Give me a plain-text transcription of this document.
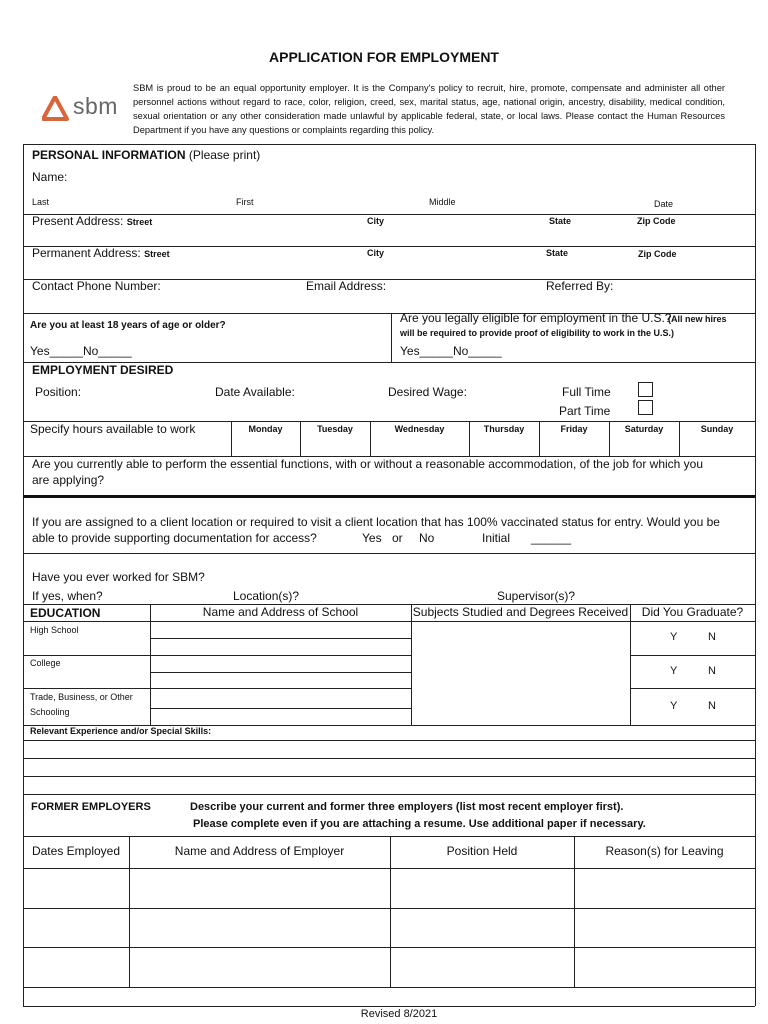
APPLICATION FOR EMPLOYMENT
sbm
SBM is proud to be an equal opportunity employer. It is the Company's policy to recruit, hire, promote, compensate and administer all other personnel actions without regard to race, color, religion, creed, sex, marital status, age, national origin, ancestry, disability, medical condition, sexual orientation or any other consideration made unlawful by applicable federal, state, or local laws. Please contact the Human Resources Department if you have any questions or complaints regarding this policy.
PERSONAL INFORMATION (Please print)
Name:
Last	First	Middle	Date
Present Address: Street	City	State	Zip Code
Permanent Address: Street	City	State	Zip Code
Contact Phone Number:	Email Address:	Referred By:
Are you at least 18 years of age or older?
Yes_____No_____
Are you legally eligible for employment in the U.S.?
(All new hires
will be required to provide proof of eligibility to work in the U.S.)
Yes_____No_____
EMPLOYMENT DESIRED
Position:	Date Available:	Desired Wage:	Full Time
Part Time
Specify hours available to work	Monday	Tuesday	Wednesday	Thursday	Friday	Saturday	Sunday
Are you currently able to perform the essential functions, with or without a reasonable accommodation, of the job for which you
are applying?
If you are assigned to a client location or required to visit a client location that has 100% vaccinated status for entry. Would you be
able to provide supporting documentation for access?	Yes or No	Initial ______
Have you ever worked for SBM?
If yes, when?	Location(s)?	Supervisor(s)?
EDUCATION	Name and Address of School	Subjects Studied and Degrees Received	Did You Graduate?
High School
Y	N
College
Y	N
Trade, Business, or Other
Schooling	Y	N
Relevant Experience and/or Special Skills:
FORMER EMPLOYERS	Describe your current and former three employers (list most recent employer first).
Please complete even if you are attaching a resume. Use additional paper if necessary.
Dates Employed	Name and Address of Employer	Position Held	Reason(s) for Leaving
Revised 8/2021
